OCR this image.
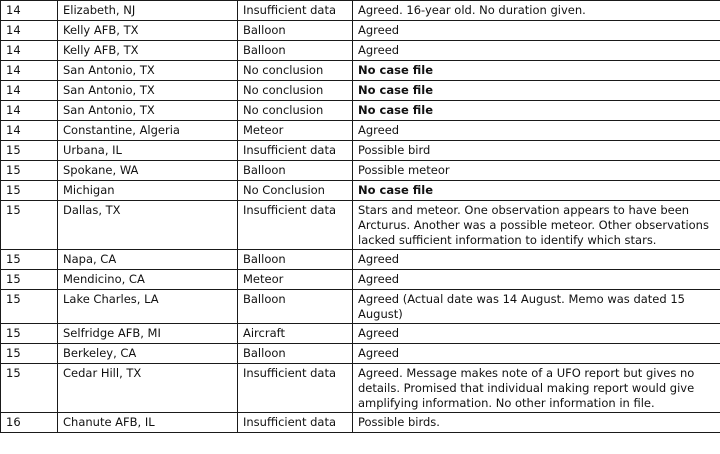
14	Elizabeth, NJ	Insufficient data	Agreed. 16-year old. No duration given.
14	Kelly AFB, TX	Balloon	Agreed
14	Kelly AFB, TX	Balloon	Agreed
14	San Antonio, TX	No conclusion	No case file
14	San Antonio, TX	No conclusion	No case file
14	San Antonio, TX	No conclusion	No case file
14	Constantine, Algeria	Meteor	Agreed
15	Urbana, IL	Insufficient data	Possible bird
15	Spokane, WA	Balloon	Possible meteor
15	Michigan	No Conclusion	No case file
15	Dallas, TX	Insufficient data	Stars and meteor. One observation appears to have been Arcturus. Another was a possible meteor. Other observations lacked sufficient information to identify which stars.
15	Napa, CA	Balloon	Agreed
15	Mendicino, CA	Meteor	Agreed
15	Lake Charles, LA	Balloon	Agreed (Actual date was 14 August. Memo was dated 15 August)
15	Selfridge AFB, MI	Aircraft	Agreed
15	Berkeley, CA	Balloon	Agreed
15	Cedar Hill, TX	Insufficient data	Agreed. Message makes note of a UFO report but gives no details. Promised that individual making report would give amplifying information. No other information in file.
16	Chanute AFB, IL	Insufficient data	Possible birds.
